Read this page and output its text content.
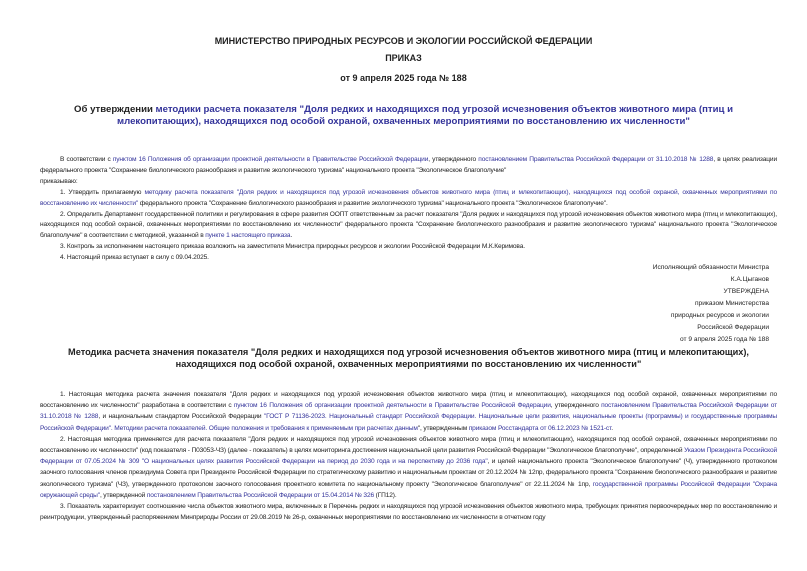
МИНИСТЕРСТВО ПРИРОДНЫХ РЕСУРСОВ И ЭКОЛОГИИ РОССИЙСКОЙ ФЕДЕРАЦИИ
ПРИКАЗ
от 9 апреля 2025 года № 188
Об утверждении методики расчета показателя "Доля редких и находящихся под угрозой исчезновения объектов животного мира (птиц и млекопитающих), находящихся под особой охраной, охваченных мероприятиями по восстановлению их численности"

В соответствии с пунктом 16 Положения об организации проектной деятельности в Правительстве Российской Федерации, утвержденного постановлением Правительства Российской Федерации от 31.10.2018 № 1288, в целях реализации федерального проекта "Сохранение биологического разнообразия и развитие экологического туризма" национального проекта "Экологическое благополучие"

приказываю:

1. Утвердить прилагаемую методику расчета показателя "Доля редких и находящихся под угрозой исчезновения объектов животного мира (птиц и млекопитающих), находящихся под особой охраной, охваченных мероприятиями по восстановлению их численности" федерального проекта "Сохранение биологического разнообразия и развитие экологического туризма" национального проекта "Экологическое благополучие".

2. Определить Департамент государственной политики и регулирования в сфере развития ООПТ ответственным за расчет показателя "Доля редких и находящихся под угрозой исчезновения объектов животного мира (птиц и млекопитающих), находящихся под особой охраной, охваченных мероприятиями по восстановлению их численности" федерального проекта "Сохранение биологического разнообразия и развитие экологического туризма" национального проекта "Экологическое благополучие" в соответствии с методикой, указанной в пункте 1 настоящего приказа.

3. Контроль за исполнением настоящего приказа возложить на заместителя Министра природных ресурсов и экологии Российской Федерации М.К.Керимова.

4. Настоящий приказ вступает в силу с 09.04.2025.

Исполняющий обязанности Министра
К.А.Цыганов
УТВЕРЖДЕНА
приказом Министерства
природных ресурсов и экологии
Российской Федерации
от 9 апреля 2025 года № 188
Методика расчета значения показателя "Доля редких и находящихся под угрозой исчезновения объектов животного мира (птиц и млекопитающих), находящихся под особой охраной, охваченных мероприятиями по восстановлению их численности"

1. Настоящая методика расчета значения показателя "Доля редких и находящихся под угрозой исчезновения объектов животного мира (птиц и млекопитающих), находящихся под особой охраной, охваченных мероприятиями по восстановлению их численности" разработана в соответствии с пунктом 16 Положения об организации проектной деятельности в Правительстве Российской Федерации, утвержденного постановлением Правительства Российской Федерации от 31.10.2018 № 1288, и национальным стандартом Российской Федерации "ГОСТ Р 71136-2023. Национальный стандарт Российской Федерации. Национальные цели развития, национальные проекты (программы) и государственные программы Российской Федерации". Методики расчета показателей. Общие положения и требования к применяемым при расчетах данным", утвержденным приказом Росстандарта от 06.12.2023 № 1521-ст.

2. Настоящая методика применяется для расчета показателя "Доля редких и находящихся под угрозой исчезновения объектов животного мира (птиц и млекопитающих), находящихся под особой охраной, охваченных мероприятиями по восстановлению их численности" (код показателя - П03053-ЧЗ) (далее - показатель) в целях мониторинга достижения национальной цели развития Российской Федерации "Экологическое благополучие", определенной Указом Президента Российской Федерации от 07.05.2024 № 309 "О национальных целях развития Российской Федерации на период до 2030 года и на перспективу до 2036 года", и целей национального проекта "Экологическое благополучие" (Ч), утвержденного протоколом заочного голосования членов президиума Совета при Президенте Российской Федерации по стратегическому развитию и национальным проектам от 20.12.2024 № 12пр, федерального проекта "Сохранение биологического разнообразия и развитие экологического туризма" (ЧЗ), утвержденного протоколом заочного голосования проектного комитета по национальному проекту "Экологическое благополучие" от 22.11.2024 № 1пр, государственной программы Российской Федерации "Охрана окружающей среды", утвержденной постановлением Правительства Российской Федерации от 15.04.2014 № 326 (ГП12).

3. Показатель характеризует соотношение числа объектов животного мира, включенных в Перечень редких и находящихся под угрозой исчезновения объектов животного мира, требующих принятия первоочередных мер по восстановлению и реинтродукции, утвержденный распоряжением Минприроды России от 29.08.2019 № 26-р, охваченных мероприятиями по восстановлению их численности в отчетном году
